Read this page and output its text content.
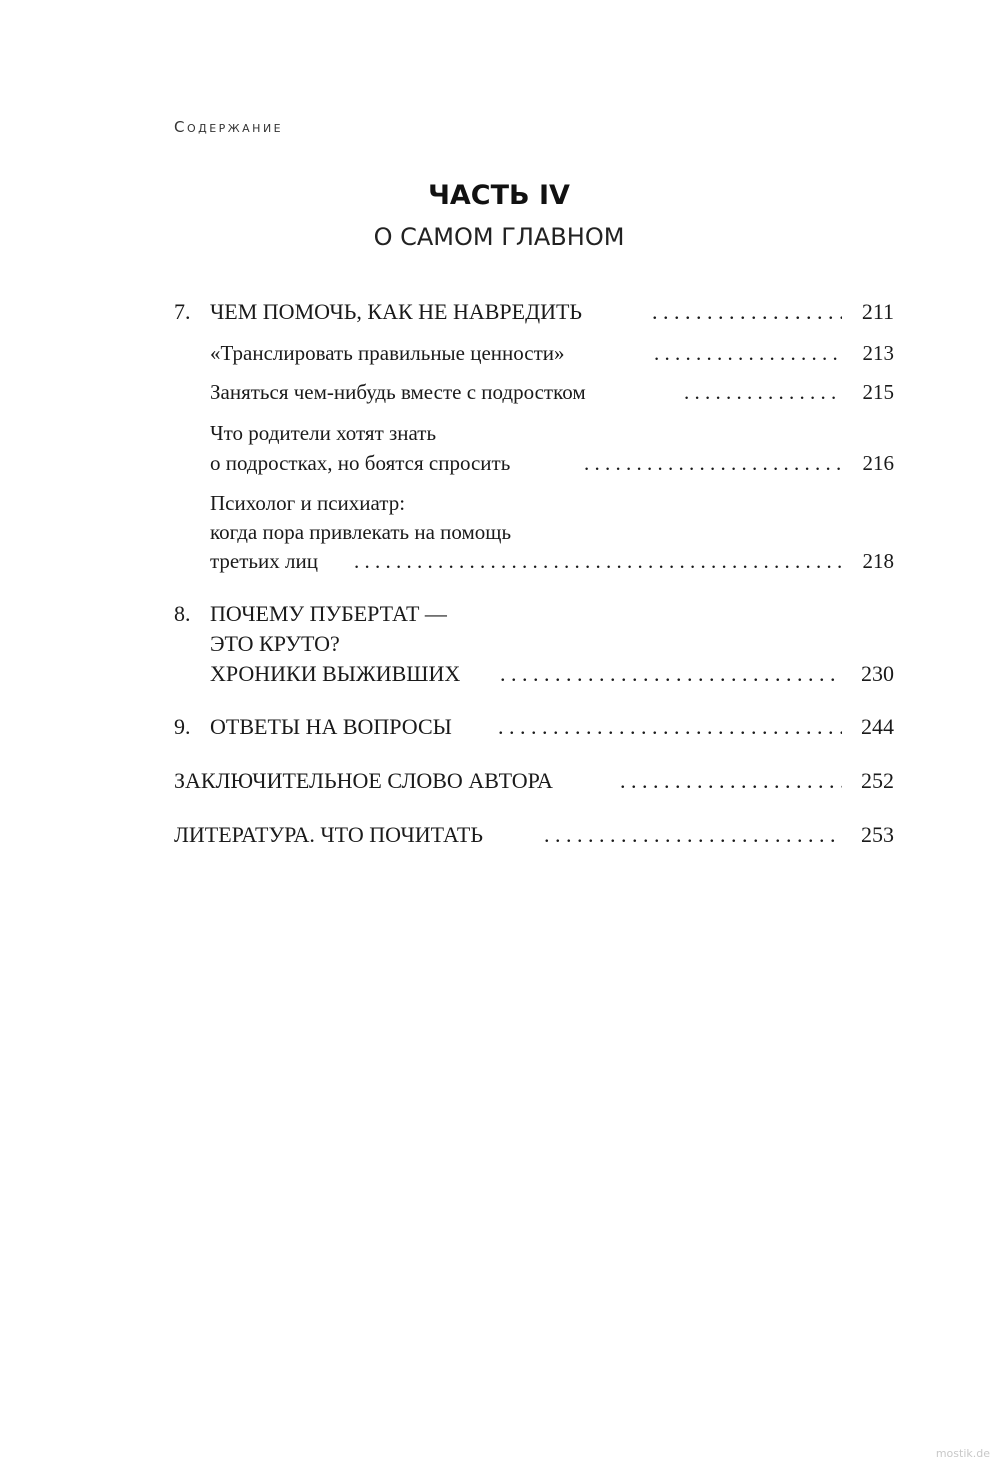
Содержание
ЧАСТЬ IV
О САМОМ ГЛАВНОМ
7. ЧЕМ ПОМОЧЬ, КАК НЕ НАВРЕДИТЬ . . .	211
«Транслировать правильные ценности» . . .	213
Заняться чем-нибудь вместе с подростком . . .	215
Что родители хотят знать
о подростках, но боятся спросить . . .	216
Психолог и психиатр:
когда пора привлекать на помощь
третьих лиц . . .	218
8. ПОЧЕМУ ПУБЕРТАТ —
ЭТО КРУТО?
ХРОНИКИ ВЫЖИВШИХ . . .	230
9. ОТВЕТЫ НА ВОПРОСЫ . . .	244
ЗАКЛЮЧИТЕЛЬНОЕ СЛОВО АВТОРА . . .	252
ЛИТЕРАТУРА. ЧТО ПОЧИТАТЬ . . .	253
mostik.de
